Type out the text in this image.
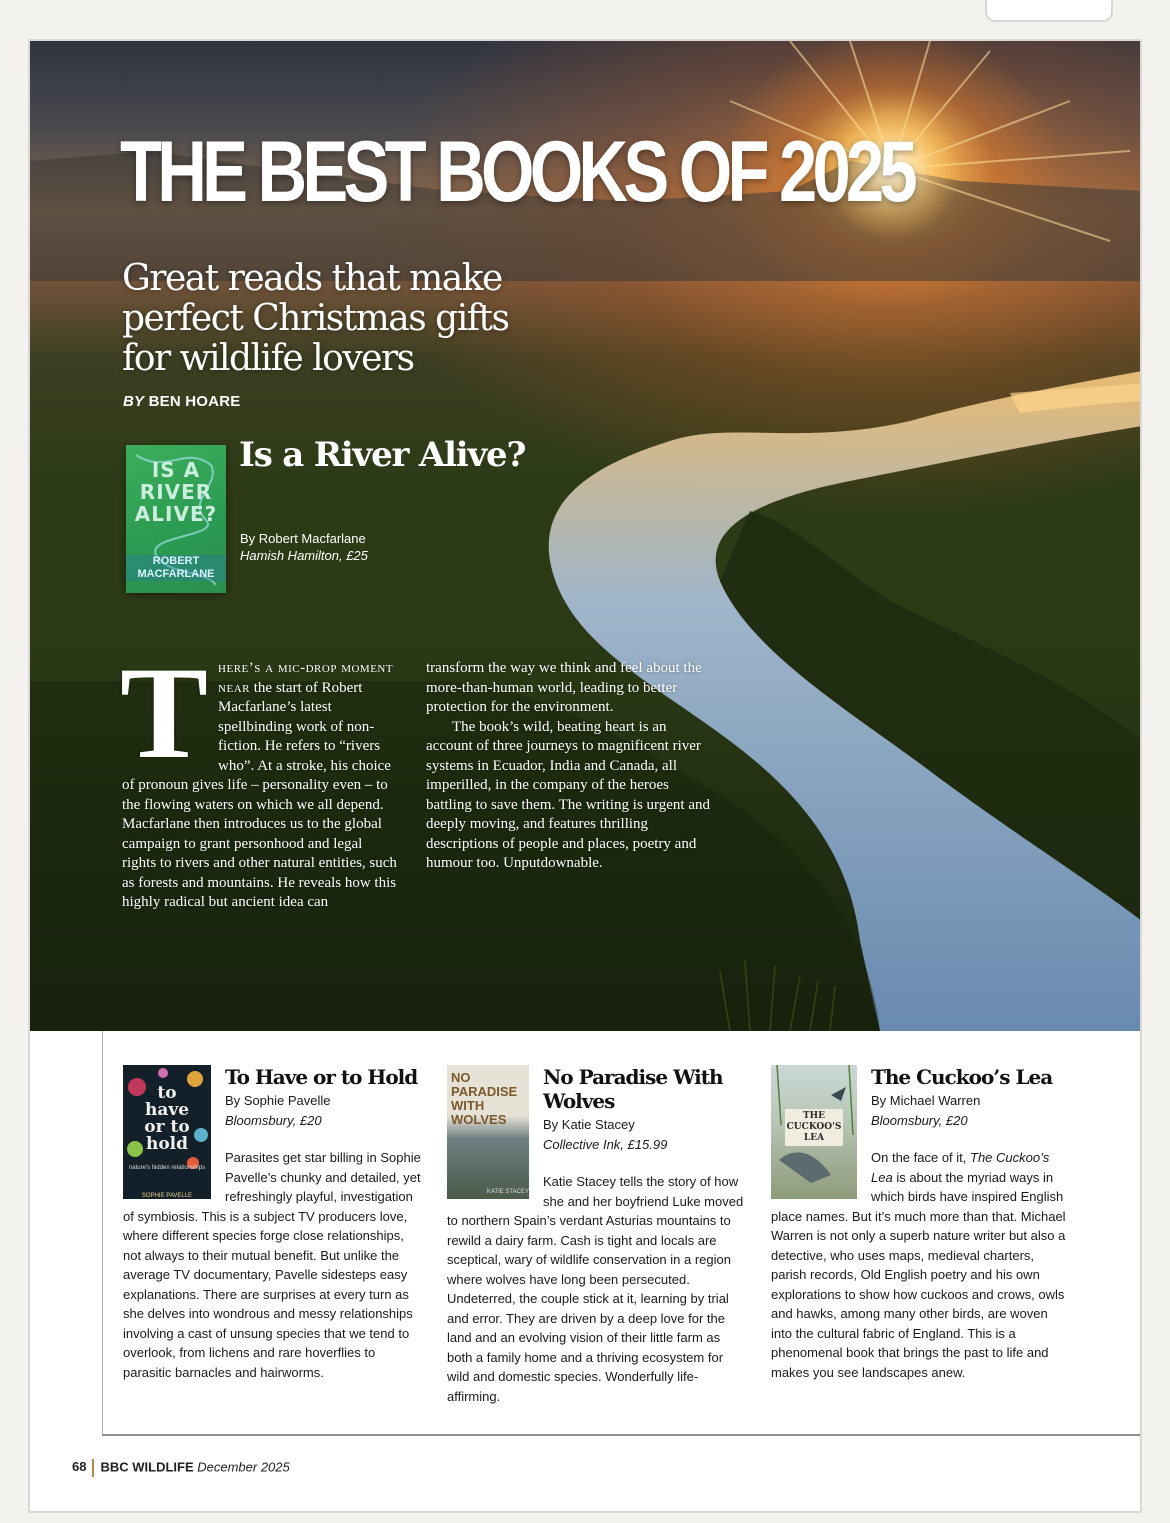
THE BEST BOOKS OF 2025
Great reads that make perfect Christmas gifts for wildlife lovers
BY BEN HOARE
IS A RIVER ALIVE?
ROBERT MACFARLANE
Is a River Alive?
By Robert Macfarlane
Hamish Hamilton, £25
T here’s a mic-drop moment near the start of Robert Macfarlane’s latest spellbinding work of non-fiction. He refers to “rivers who”. At a stroke, his choice of pronoun gives life – personality even – to the flowing waters on which we all depend. Macfarlane then introduces us to the global campaign to grant personhood and legal rights to rivers and other natural entities, such as forests and mountains. He reveals how this highly radical but ancient idea can

transform the way we think and feel about the more-than-human world, leading to better protection for the environment.

The book’s wild, beating heart is an account of three journeys to magnificent river systems in Ecuador, India and Canada, all imperilled, in the company of the heroes battling to save them. The writing is urgent and deeply moving, and features thrilling descriptions of people and places, poetry and humour too. Unputdownable.

to have or to hold
nature's hidden relationships
SOPHIE PAVELLE
To Have or to Hold
By Sophie Pavelle
Bloomsbury, £20

Parasites get star billing in Sophie Pavelle’s chunky and detailed, yet refreshingly playful, investigation of symbiosis. This is a subject TV producers love, where different species forge close relationships, not always to their mutual benefit. But unlike the average TV documentary, Pavelle sidesteps easy explanations. There are surprises at every turn as she delves into wondrous and messy relationships involving a cast of unsung species that we tend to overlook, from lichens and rare hoverflies to parasitic barnacles and hairworms.

NO PARADISE WITH WOLVES
KATIE STACEY
No Paradise With Wolves
By Katie Stacey
Collective Ink, £15.99

Katie Stacey tells the story of how she and her boyfriend Luke moved to northern Spain’s verdant Asturias mountains to rewild a dairy farm. Cash is tight and locals are sceptical, wary of wildlife conservation in a region where wolves have long been persecuted. Undeterred, the couple stick at it, learning by trial and error. They are driven by a deep love for the land and an evolving vision of their little farm as both a family home and a thriving ecosystem for wild and domestic species. Wonderfully life-affirming.

THE CUCKOO'S LEA
The Cuckoo’s Lea
By Michael Warren
Bloomsbury, £20

On the face of it, The Cuckoo’s Lea is about the myriad ways in which birds have inspired English place names. But it’s much more than that. Michael Warren is not only a superb nature writer but also a detective, who uses maps, medieval charters, parish records, Old English poetry and his own explorations to show how cuckoos and crows, owls and hawks, among many other birds, are woven into the cultural fabric of England. This is a phenomenal book that brings the past to life and makes you see landscapes anew.

68 BBC WILDLIFE December 2025
